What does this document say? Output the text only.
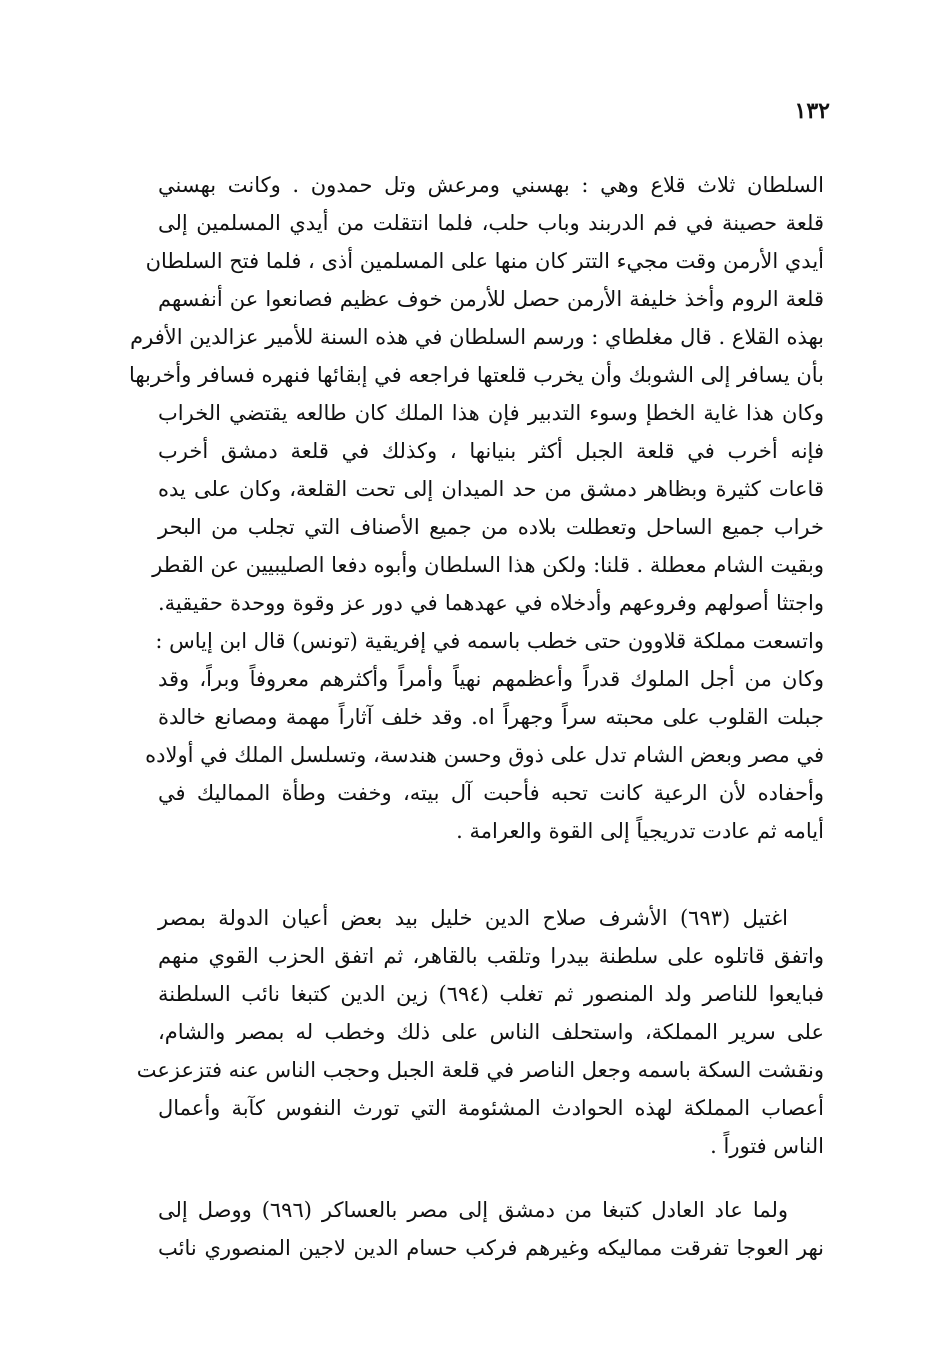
١٣٢
السلطان ثلاث قلاع وهي : بهسني ومرعش وتل حمدون . وكانت بهسني
قلعة حصينة في فم الدربند وباب حلب، فلما انتقلت من أيدي المسلمين إلى
أيدي الأرمن وقت مجيء التتر كان منها على المسلمين أذى ، فلما فتح السلطان
قلعة الروم وأخذ خليفة الأرمن حصل للأرمن خوف عظيم فصانعوا عن أنفسهم
بهذه القلاع . قال مغلطاي : ورسم السلطان في هذه السنة للأمير عزالدين الأفرم
بأن يسافر إلى الشوبك وأن يخرب قلعتها فراجعه في إبقائها فنهره فسافر وأخربها
وكان هذا غاية الخطإ وسوء التدبير فإن هذا الملك كان طالعه يقتضي الخراب
فإنه أخرب في قلعة الجبل أكثر بنيانها ، وكذلك في قلعة دمشق أخرب
قاعات كثيرة وبظاهر دمشق من حد الميدان إلى تحت القلعة، وكان على يده
خراب جميع الساحل وتعطلت بلاده من جميع الأصناف التي تجلب من البحر
وبقيت الشام معطلة . قلنا: ولكن هذا السلطان وأبوه دفعا الصليبيين عن القطر
واجتثا أصولهم وفروعهم وأدخلاه في عهدهما في دور عز وقوة ووحدة حقيقية.
واتسعت مملكة قلاوون حتى خطب باسمه في إفريقية (تونس) قال ابن إياس :
وكان من أجل الملوك قدراً وأعظمهم نهياً وأمراً وأكثرهم معروفاً وبراً، وقد
جبلت القلوب على محبته سراً وجهراً اه. وقد خلف آثاراً مهمة ومصانع خالدة
في مصر وبعض الشام تدل على ذوق وحسن هندسة، وتسلسل الملك في أولاده
وأحفاده لأن الرعية كانت تحبه فأحبت آل بيته، وخفت وطأة المماليك في
أيامه ثم عادت تدريجياً إلى القوة والعرامة .
اغتيل (٦٩٣) الأشرف صلاح الدين خليل بيد بعض أعيان الدولة بمصر
واتفق قاتلوه على سلطنة بيدرا وتلقب بالقاهر، ثم اتفق الحزب القوي منهم
فبايعوا للناصر ولد المنصور ثم تغلب (٦٩٤) زين الدين كتبغا نائب السلطنة
على سرير المملكة، واستحلف الناس على ذلك وخطب له بمصر والشام،
ونقشت السكة باسمه وجعل الناصر في قلعة الجبل وحجب الناس عنه فتزعزعت
أعصاب المملكة لهذه الحوادث المشئومة التي تورث النفوس كآبة وأعمال
الناس فتوراً .
ولما عاد العادل كتبغا من دمشق إلى مصر بالعساكر (٦٩٦) ووصل إلى
نهر العوجا تفرقت مماليكه وغيرهم فركب حسام الدين لاجين المنصوري نائب
